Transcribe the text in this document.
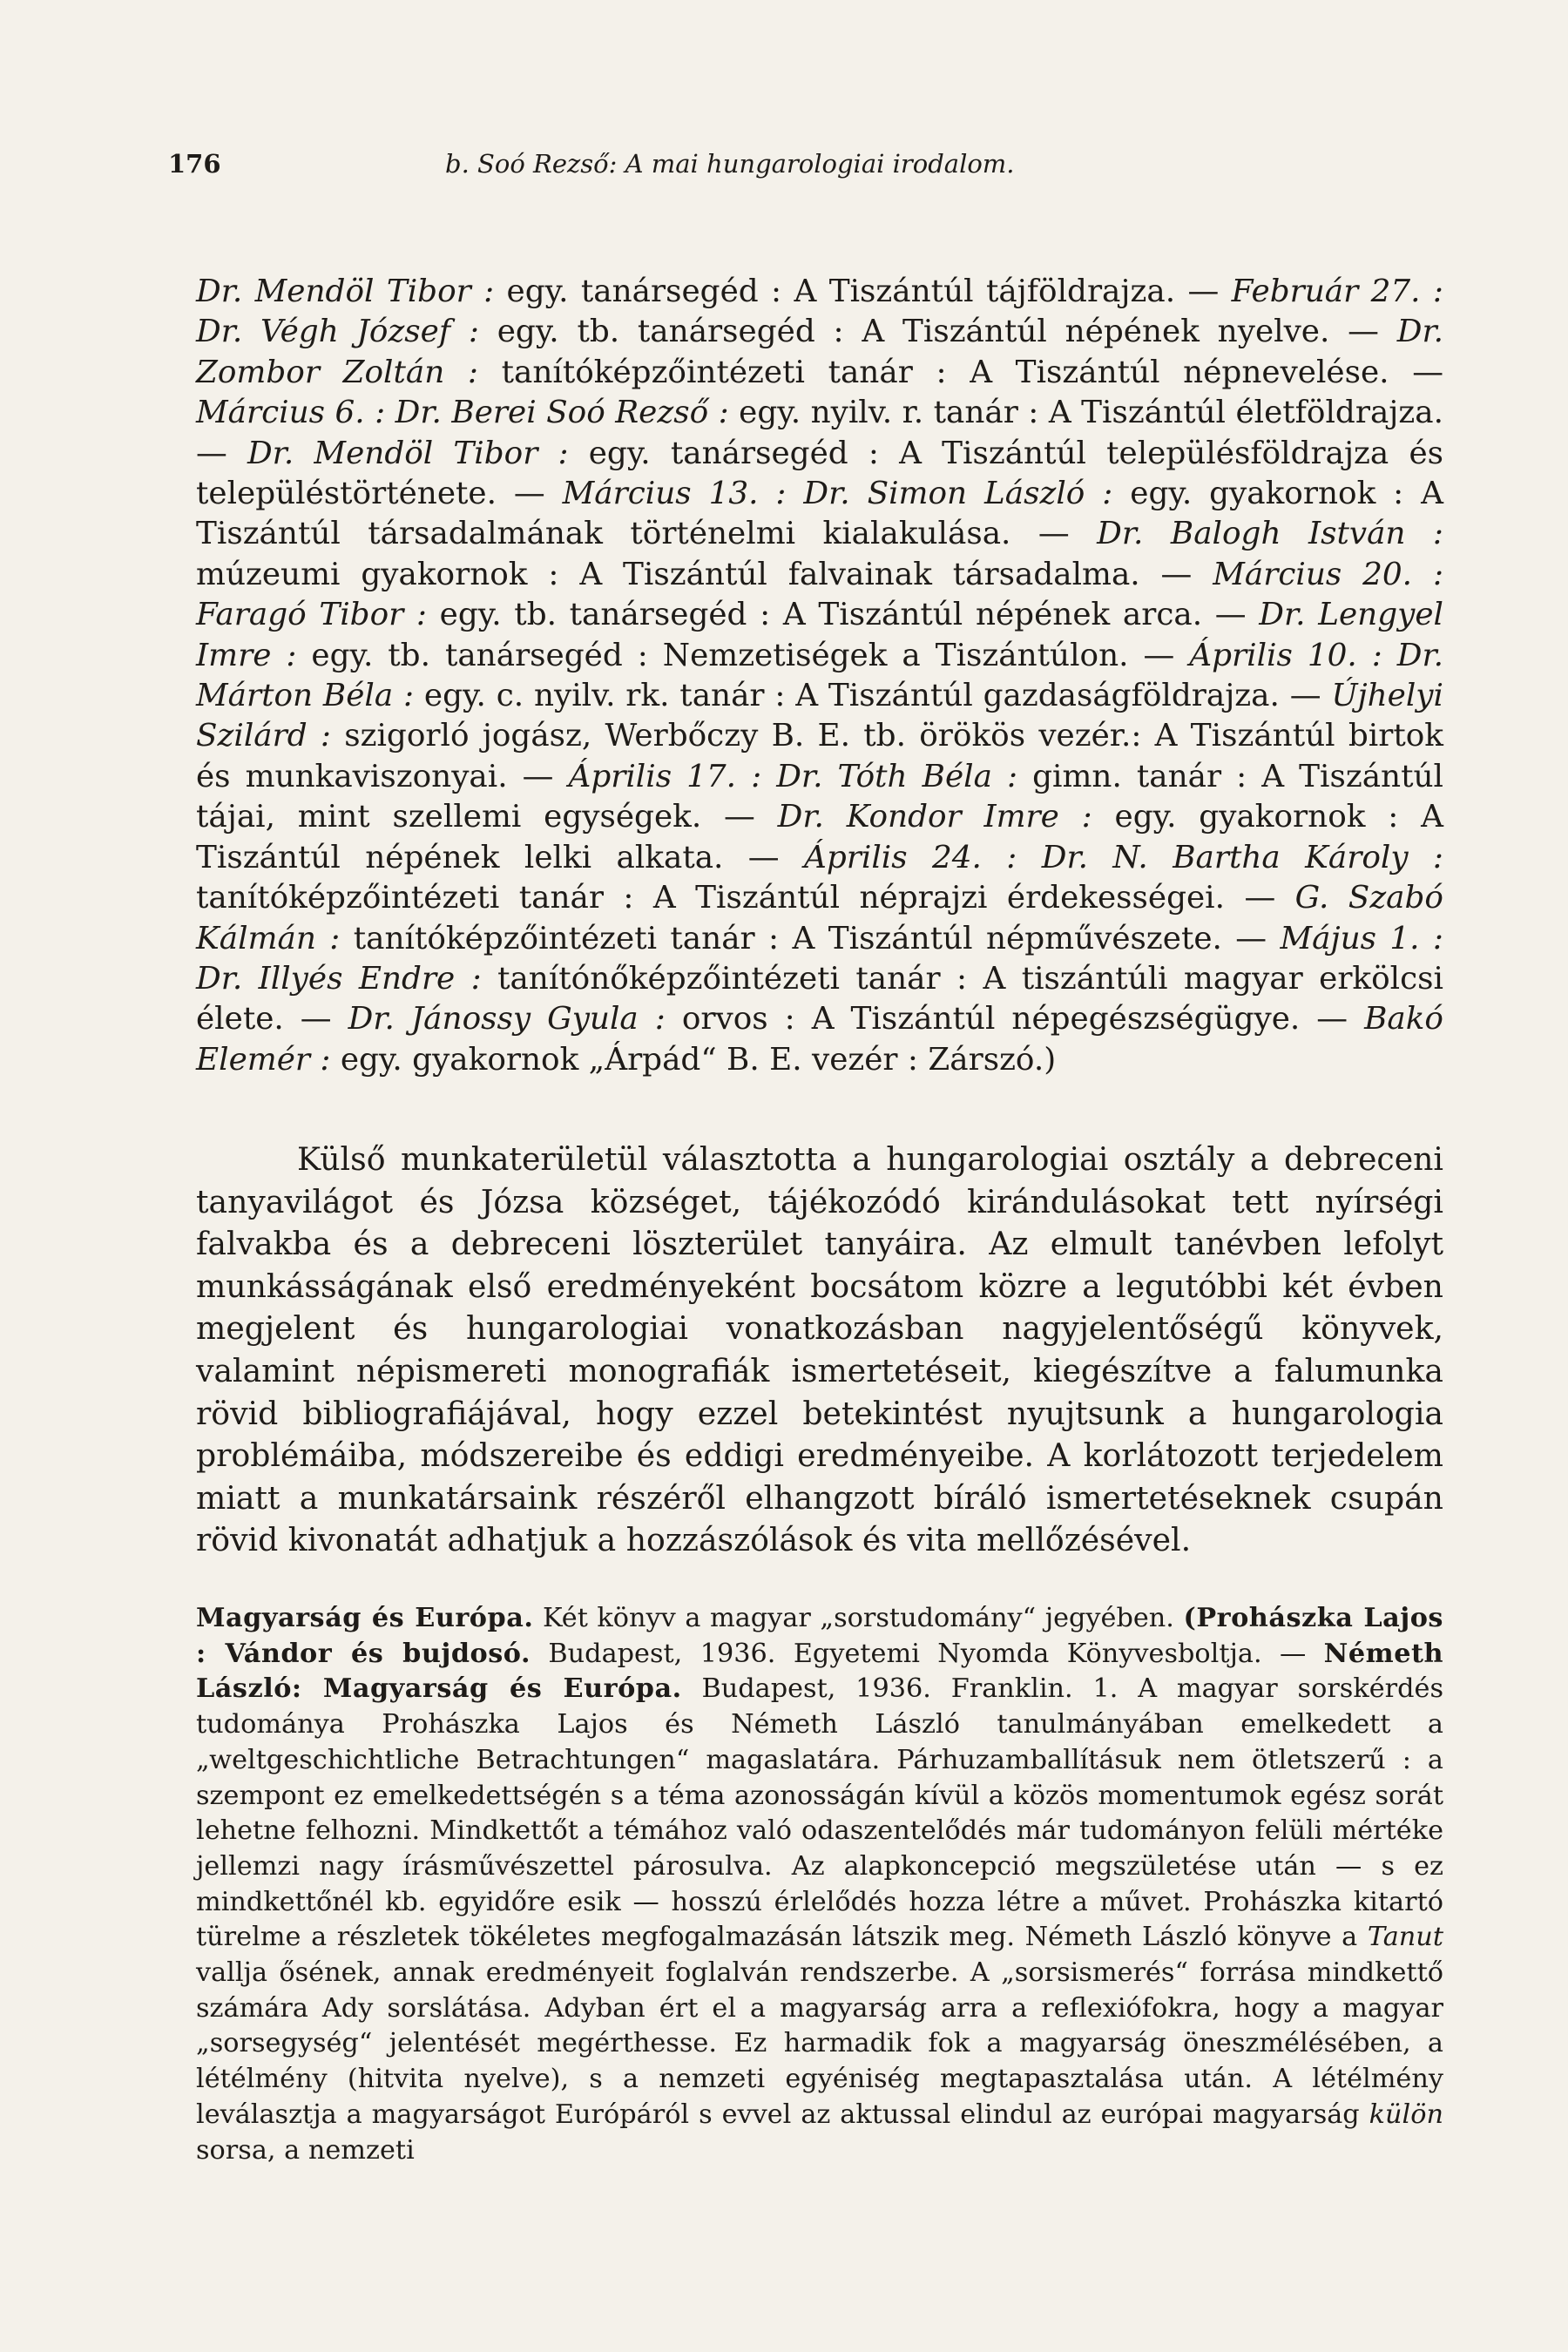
176	b. Soó Rezső: A mai hungarologiai irodalom.
Dr. Mendöl Tibor : egy. tanársegéd : A Tiszántúl tájföldrajza. — Február 27. : Dr. Végh József : egy. tb. tanársegéd : A Tiszántúl népének nyelve. — Dr. Zombor Zoltán : tanítóképzőintézeti tanár : A Tiszántúl népnevelése. — Március 6. : Dr. Berei Soó Rezső : egy. nyilv. r. tanár : A Tiszántúl életföldrajza. — Dr. Mendöl Tibor : egy. tanársegéd : A Tiszántúl településföldrajza és településtörténete. — Március 13. : Dr. Simon László : egy. gyakornok : A Tiszántúl társadalmának történelmi kialakulása. — Dr. Balogh István : múzeumi gyakornok : A Tiszántúl falvainak társadalma. — Március 20. : Faragó Tibor : egy. tb. tanársegéd : A Tiszántúl népének arca. — Dr. Lengyel Imre : egy. tb. tanársegéd : Nemzetiségek a Tiszántúlon. — Április 10. : Dr. Márton Béla : egy. c. nyilv. rk. tanár : A Tiszántúl gazdaságföldrajza. — Újhelyi Szilárd : szigorló jogász, Werbőczy B. E. tb. örökös vezér.: A Tiszántúl birtok és munkaviszonyai. — Április 17. : Dr. Tóth Béla : gimn. tanár : A Tiszántúl tájai, mint szellemi egységek. — Dr. Kondor Imre : egy. gyakornok : A Tiszántúl népének lelki alkata. — Április 24. : Dr. N. Bartha Károly : tanítóképzőintézeti tanár : A Tiszántúl néprajzi érdekességei. — G. Szabó Kálmán : tanítóképzőintézeti tanár : A Tiszántúl népművészete. — Május 1. : Dr. Illyés Endre : tanítónőképzőintézeti tanár : A tiszántúli magyar erkölcsi élete. — Dr. Jánossy Gyula : orvos : A Tiszántúl népegészségügye. — Bakó Elemér : egy. gyakornok „Árpád“ B. E. vezér : Zárszó.)
Külső munkaterületül választotta a hungarologiai osztály a debreceni tanyavilágot és Józsa községet, tájékozódó kirándulásokat tett nyírségi falvakba és a debreceni löszterület tanyáira. Az elmult tanévben lefolyt munkásságának első eredményeként bocsátom közre a legutóbbi két évben megjelent és hungarologiai vonatkozásban nagyjelentőségű könyvek, valamint népismereti monografiák ismertetéseit, kiegészítve a falumunka rövid bibliografiájával, hogy ezzel betekintést nyujtsunk a hungarologia problémáiba, módszereibe és eddigi eredményeibe. A korlátozott terjedelem miatt a munkatársaink részéről elhangzott bíráló ismertetéseknek csupán rövid kivonatát adhatjuk a hozzászólások és vita mellőzésével.
Magyarság és Európa. Két könyv a magyar „sorstudomány“ jegyében. (Prohászka Lajos : Vándor és bujdosó. Budapest, 1936. Egyetemi Nyomda Könyvesboltja. — Németh László: Magyarság és Európa. Budapest, 1936. Franklin. 1. A magyar sorskérdés tudománya Prohászka Lajos és Németh László tanulmányában emelkedett a „weltgeschichtliche Betrachtungen“ magaslatára. Párhuzamballításuk nem ötletszerű : a szempont ez emelkedettségén s a téma azonosságán kívül a közös momentumok egész sorát lehetne felhozni. Mindkettőt a témához való odaszentelődés már tudományon felüli mértéke jellemzi nagy írásművészettel párosulva. Az alapkoncepció megszületése után — s ez mindkettőnél kb. egyidőre esik — hosszú érlelődés hozza létre a művet. Prohászka kitartó türelme a részletek tökéletes megfogalmazásán látszik meg. Németh László könyve a Tanut vallja ősének, annak eredményeit foglalván rendszerbe. A „sorsismerés“ forrása mindkettő számára Ady sorslátása. Adyban ért el a magyarság arra a reflexiófokra, hogy a magyar „sorsegység“ jelentését megérthesse. Ez harmadik fok a magyarság öneszmélésében, a létélmény (hitvita nyelve), s a nemzeti egyéniség megtapasztalása után. A létélmény leválasztja a magyarságot Európáról s evvel az aktussal elindul az európai magyarság külön sorsa, a nemzeti
